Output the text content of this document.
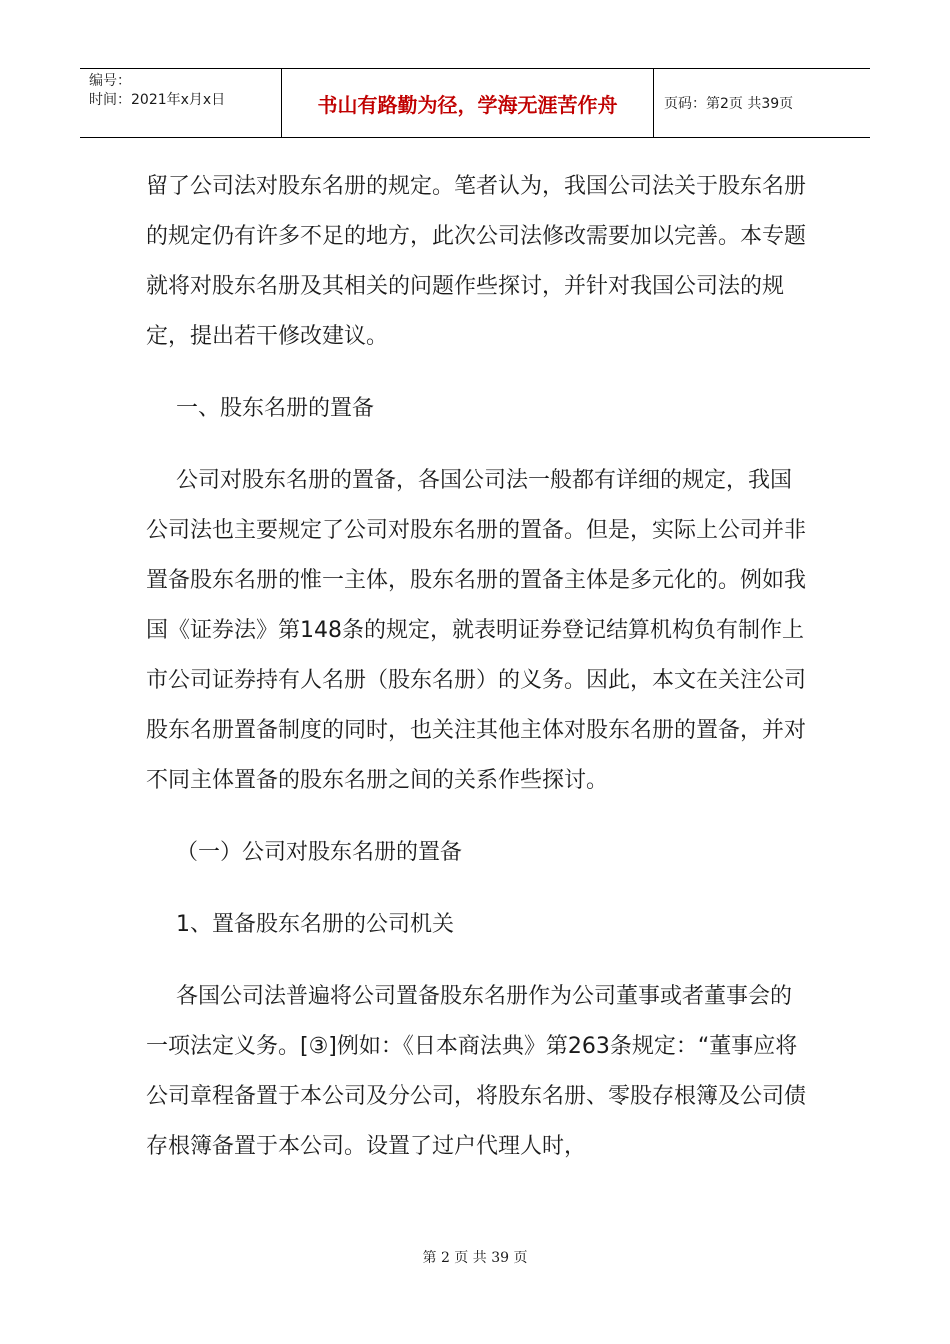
编号：
时间：2021年x月x日	书山有路勤为径，学海无涯苦作舟	页码：第2页 共39页

留了公司法对股东名册的规定。笔者认为，我国公司法关于股东名册的规定仍有许多不足的地方，此次公司法修改需要加以完善。本专题就将对股东名册及其相关的问题作些探讨，并针对我国公司法的规定，提出若干修改建议。

一、股东名册的置备

公司对股东名册的置备，各国公司法一般都有详细的规定，我国公司法也主要规定了公司对股东名册的置备。但是，实际上公司并非置备股东名册的惟一主体，股东名册的置备主体是多元化的。例如我国《证券法》第148条的规定，就表明证券登记结算机构负有制作上市公司证券持有人名册（股东名册）的义务。因此，本文在关注公司股东名册置备制度的同时，也关注其他主体对股东名册的置备，并对不同主体置备的股东名册之间的关系作些探讨。

（一）公司对股东名册的置备

1、置备股东名册的公司机关

各国公司法普遍将公司置备股东名册作为公司董事或者董事会的一项法定义务。[③]例如：《日本商法典》第263条规定：“董事应将公司章程备置于本公司及分公司，将股东名册、零股存根簿及公司债存根簿备置于本公司。设置了过户代理人时，

第 2 页 共 39 页
